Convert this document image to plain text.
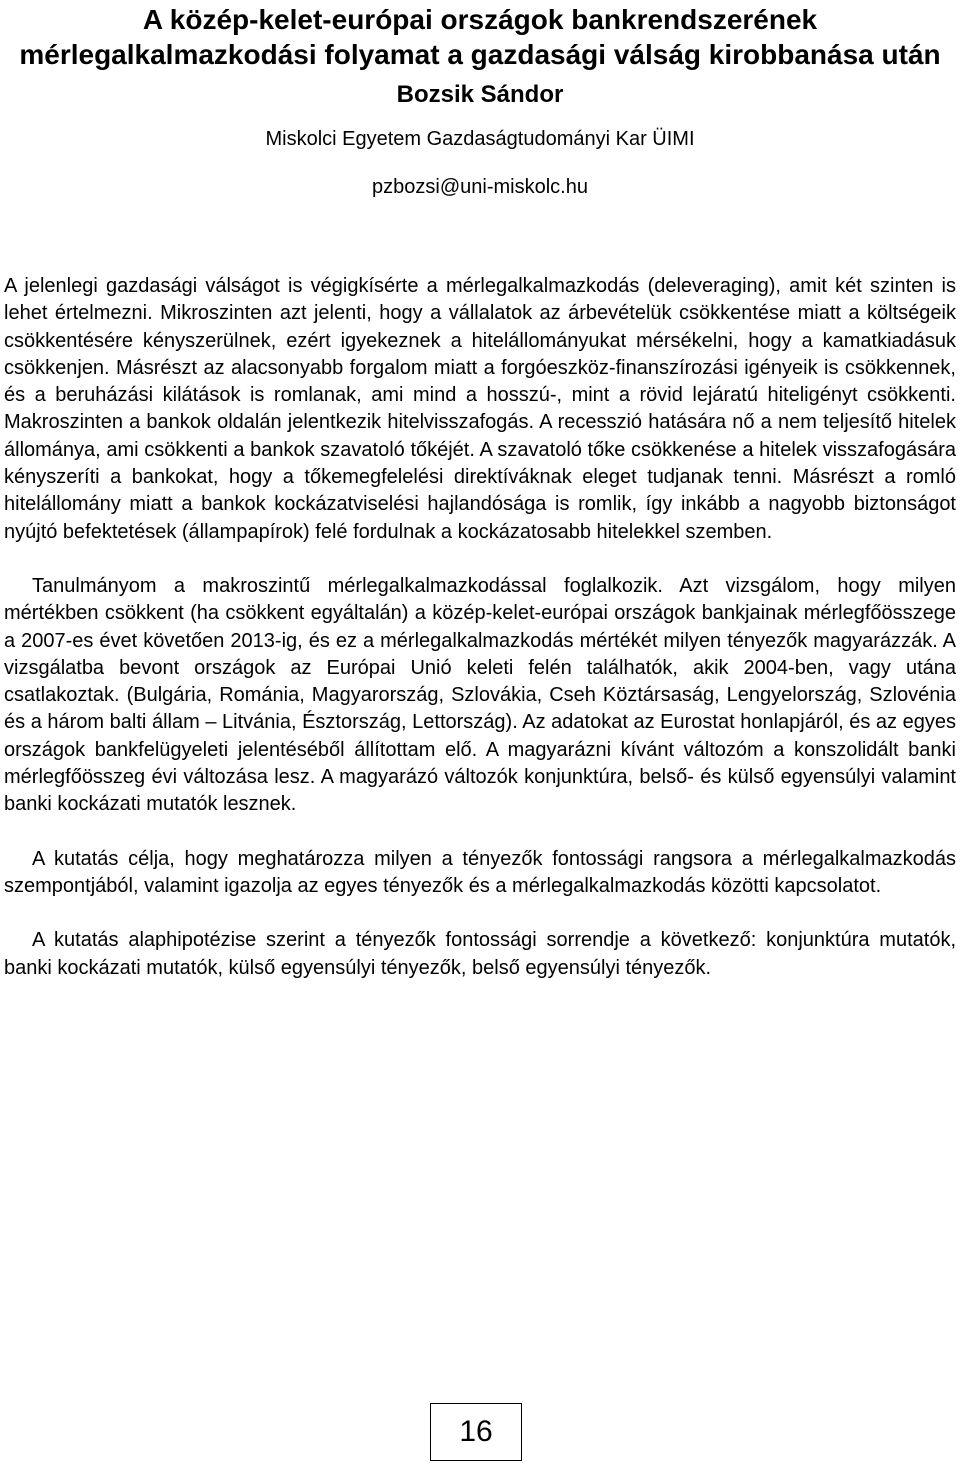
A közép-kelet-európai országok bankrendszerének mérlegalkalmazkodási folyamat a gazdasági válság kirobbanása után
Bozsik Sándor
Miskolci Egyetem Gazdaságtudományi Kar ÜIMI
pzbozsi@uni-miskolc.hu

A jelenlegi gazdasági válságot is végigkísérte a mérlegalkalmazkodás (deleveraging), amit két szinten is lehet értelmezni. Mikroszinten azt jelenti, hogy a vállalatok az árbevételük csökkentése miatt a költségeik csökkentésére kényszerülnek, ezért igyekeznek a hitelállományukat mérsékelni, hogy a kamatkiadásuk csökkenjen. Másrészt az alacsonyabb forgalom miatt a forgóeszköz-finanszírozási igényeik is csökkennek, és a beruházási kilátások is romlanak, ami mind a hosszú-, mint a rövid lejáratú hiteligényt csökkenti. Makroszinten a bankok oldalán jelentkezik hitelvisszafogás. A recesszió hatására nő a nem teljesítő hitelek állománya, ami csökkenti a bankok szavatoló tőkéjét. A szavatoló tőke csökkenése a hitelek visszafogására kényszeríti a bankokat, hogy a tőkemegfelelési direktíváknak eleget tudjanak tenni. Másrészt a romló hitelállomány miatt a bankok kockázatviselési hajlandósága is romlik, így inkább a nagyobb biztonságot nyújtó befektetések (állampapírok) felé fordulnak a kockázatosabb hitelekkel szemben.

Tanulmányom a makroszintű mérlegalkalmazkodással foglalkozik. Azt vizsgálom, hogy milyen mértékben csökkent (ha csökkent egyáltalán) a közép-kelet-európai országok bankjainak mérlegfőösszege a 2007-es évet követően 2013-ig, és ez a mérlegalkalmazkodás mértékét milyen tényezők magyarázzák. A vizsgálatba bevont országok az Európai Unió keleti felén találhatók, akik 2004-ben, vagy utána csatlakoztak. (Bulgária, Románia, Magyarország, Szlovákia, Cseh Köztársaság, Lengyelország, Szlovénia és a három balti állam – Litvánia, Észtország, Lettország). Az adatokat az Eurostat honlapjáról, és az egyes országok bankfelügyeleti jelentéséből állítottam elő. A magyarázni kívánt változóm a konszolidált banki mérlegfőösszeg évi változása lesz. A magyarázó változók konjunktúra, belső- és külső egyensúlyi valamint banki kockázati mutatók lesznek.

A kutatás célja, hogy meghatározza milyen a tényezők fontossági rangsora a mérlegalkalmazkodás szempontjából, valamint igazolja az egyes tényezők és a mérlegalkalmazkodás közötti kapcsolatot.

A kutatás alaphipotézise szerint a tényezők fontossági sorrendje a következő: konjunktúra mutatók, banki kockázati mutatók, külső egyensúlyi tényezők, belső egyensúlyi tényezők.

16
